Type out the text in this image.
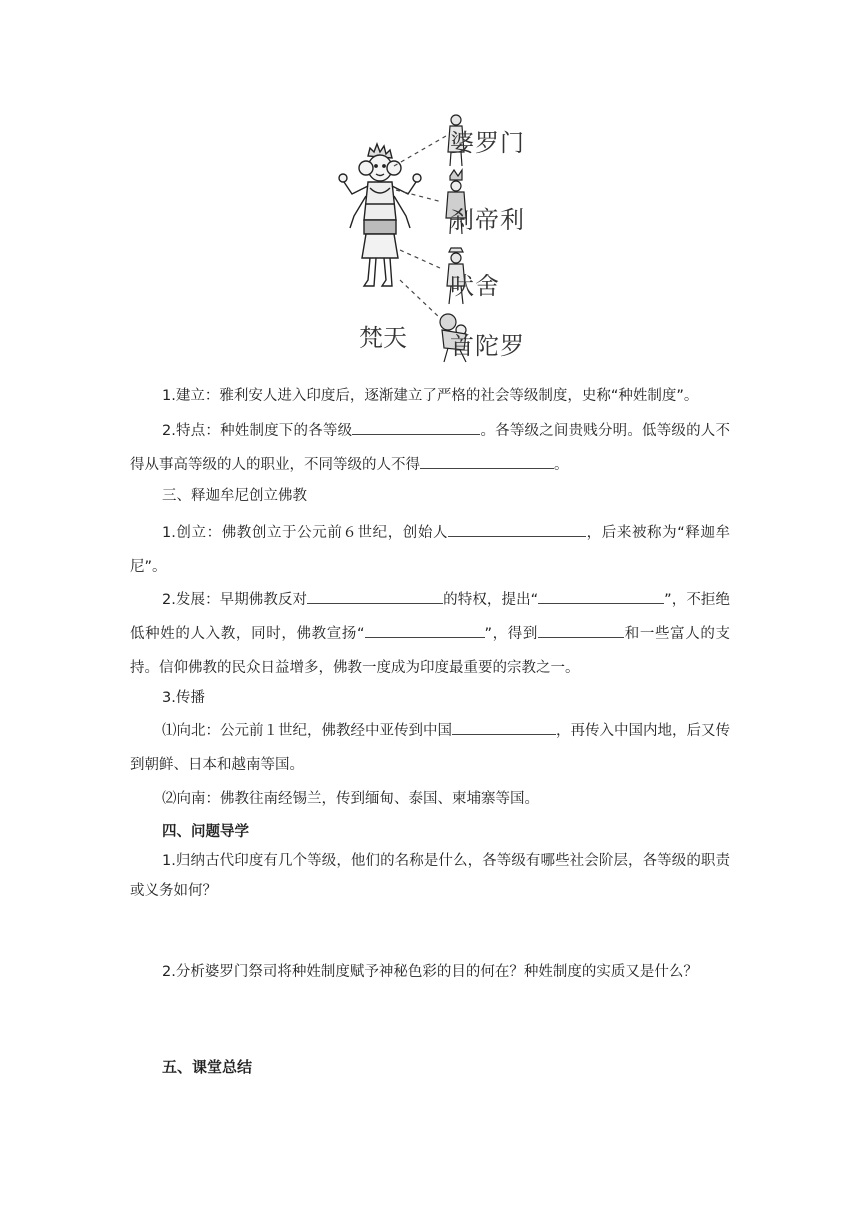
婆罗门
刹帝利
吠舍
首陀罗
梵天
1.建立：雅利安人进入印度后，逐渐建立了严格的社会等级制度，史称“种姓制度”。
2.特点：种姓制度下的各等级	。各等级之间贵贱分明。低等级的人不得从事高等级的人的职业，不同等级的人不得	。
三、释迦牟尼创立佛教
1.创立：佛教创立于公元前６世纪，创始人	，后来被称为“释迦牟尼”。
2.发展：早期佛教反对	的特权，提出“	”，不拒绝低种姓的人入教，同时，佛教宣扬“	”，得到	和一些富人的支持。信仰佛教的民众日益增多，佛教一度成为印度最重要的宗教之一。
3.传播
⑴向北：公元前１世纪，佛教经中亚传到中国	，再传入中国内地，后又传到朝鲜、日本和越南等国。
⑵向南：佛教往南经锡兰，传到缅甸、泰国、柬埔寨等国。
四、问题导学
1.归纳古代印度有几个等级，他们的名称是什么，各等级有哪些社会阶层，各等级的职责或义务如何？
2.分析婆罗门祭司将种姓制度赋予神秘色彩的目的何在？种姓制度的实质又是什么？
五、课堂总结
